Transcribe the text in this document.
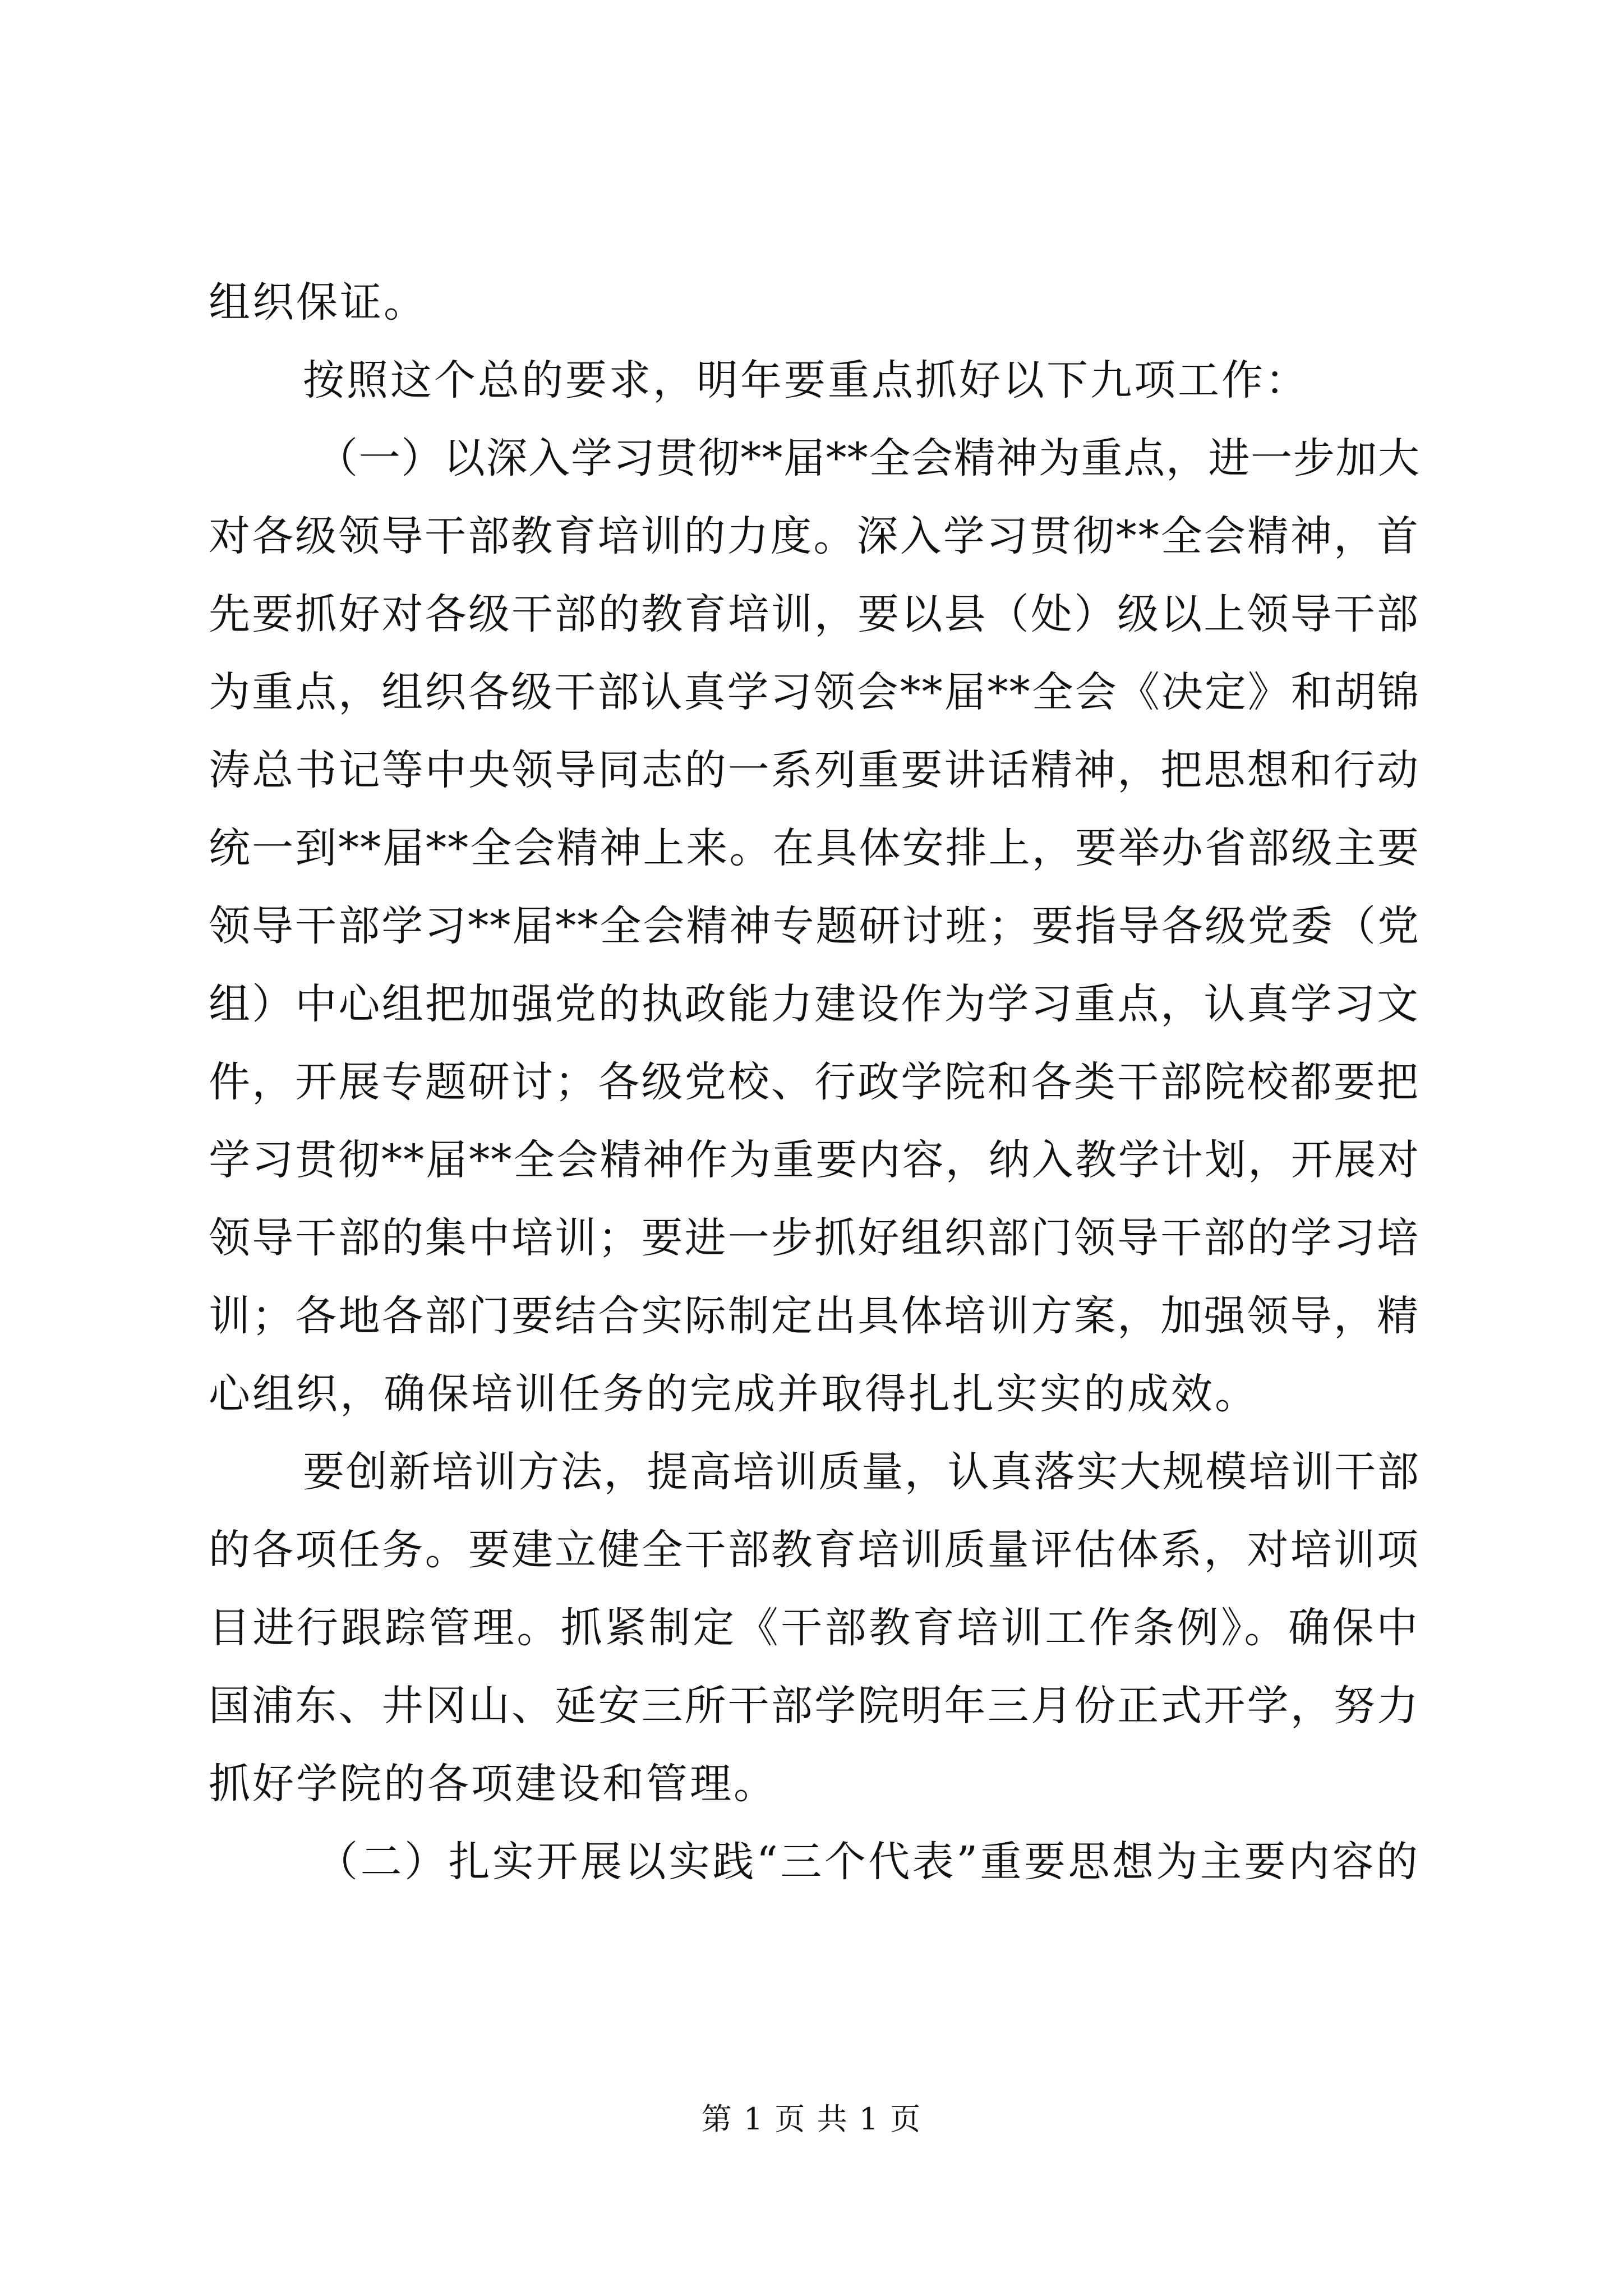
组织保证。
按照这个总的要求，明年要重点抓好以下九项工作：
（一）以深入学习贯彻**届**全会精神为重点，进一步加大
对各级领导干部教育培训的力度。深入学习贯彻**全会精神，首
先要抓好对各级干部的教育培训，要以县（处）级以上领导干部
为重点，组织各级干部认真学习领会**届**全会《决定》和胡锦
涛总书记等中央领导同志的一系列重要讲话精神，把思想和行动
统一到**届**全会精神上来。在具体安排上，要举办省部级主要
领导干部学习**届**全会精神专题研讨班；要指导各级党委（党
组）中心组把加强党的执政能力建设作为学习重点，认真学习文
件，开展专题研讨；各级党校、行政学院和各类干部院校都要把
学习贯彻**届**全会精神作为重要内容，纳入教学计划，开展对
领导干部的集中培训；要进一步抓好组织部门领导干部的学习培
训；各地各部门要结合实际制定出具体培训方案，加强领导，精
心组织，确保培训任务的完成并取得扎扎实实的成效。
要创新培训方法，提高培训质量，认真落实大规模培训干部
的各项任务。要建立健全干部教育培训质量评估体系，对培训项
目进行跟踪管理。抓紧制定《干部教育培训工作条例》。确保中
国浦东、井冈山、延安三所干部学院明年三月份正式开学，努力
抓好学院的各项建设和管理。
（二）扎实开展以实践“三个代表”重要思想为主要内容的
第 1 页 共 1 页
